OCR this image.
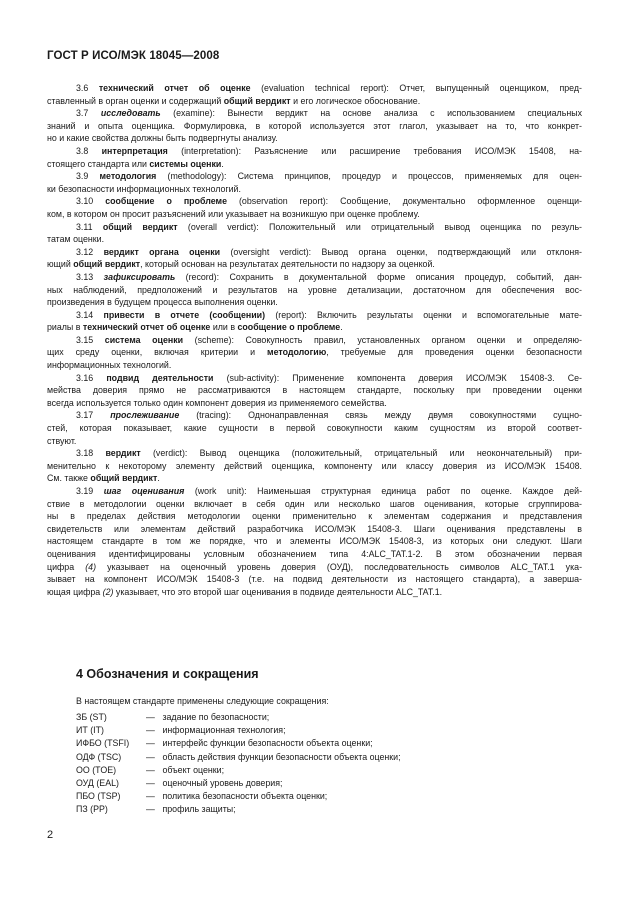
ГОСТ Р ИСО/МЭК 18045—2008
3.6 технический отчет об оценке (evaluation technical report): Отчет, выпущенный оценщиком, пред-
ставленный в орган оценки и содержащий общий вердикт и его логическое обоснование.
3.7 исследовать (examine): Вынести вердикт на основе анализа с использованием специальных
знаний и опыта оценщика. Формулировка, в которой используется этот глагол, указывает на то, что конкрет-
но и какие свойства должны быть подвергнуты анализу.
3.8 интерпретация (interpretation): Разъяснение или расширение требования ИСО/МЭК 15408, на-
стоящего стандарта или системы оценки.
3.9 методология (methodology): Система принципов, процедур и процессов, применяемых для оцен-
ки безопасности информационных технологий.
3.10 сообщение о проблеме (observation report): Сообщение, документально оформленное оценщи-
ком, в котором он просит разъяснений или указывает на возникшую при оценке проблему.
3.11 общий вердикт (overall verdict): Положительный или отрицательный вывод оценщика по резуль-
татам оценки.
3.12 вердикт органа оценки (oversight verdict): Вывод органа оценки, подтверждающий или отклоня-
ющий общий вердикт, который основан на результатах деятельности по надзору за оценкой.
3.13 зафиксировать (record): Сохранить в документальной форме описания процедур, событий, дан-
ных наблюдений, предположений и результатов на уровне детализации, достаточном для обеспечения вос-
произведения в будущем процесса выполнения оценки.
3.14 привести в отчете (сообщении) (report): Включить результаты оценки и вспомогательные мате-
риалы в технический отчет об оценке или в сообщение о проблеме.
3.15 система оценки (scheme): Совокупность правил, установленных органом оценки и определяю-
щих среду оценки, включая критерии и методологию, требуемые для проведения оценки безопасности
информационных технологий.
3.16 подвид деятельности (sub-activity): Применение компонента доверия ИСО/МЭК 15408-3. Се-
мейства доверия прямо не рассматриваются в настоящем стандарте, поскольку при проведении оценки
всегда используется только один компонент доверия из применяемого семейства.
3.17 прослеживание (tracing): Однонаправленная связь между двумя совокупностями сущно-
стей, которая показывает, какие сущности в первой совокупности каким сущностям из второй соответ-
ствуют.
3.18 вердикт (verdict): Вывод оценщика (положительный, отрицательный или неокончательный) при-
менительно к некоторому элементу действий оценщика, компоненту или классу доверия из ИСО/МЭК 15408.
См. также общий вердикт.
3.19 шаг оценивания (work unit): Наименьшая структурная единица работ по оценке. Каждое дей-
ствие в методологии оценки включает в себя один или несколько шагов оценивания, которые сгруппирова-
ны в пределах действия методологии оценки применительно к элементам содержания и представления
свидетельств или элементам действий разработчика ИСО/МЭК 15408-3. Шаги оценивания представлены в
настоящем стандарте в том же порядке, что и элементы ИСО/МЭК 15408-3, из которых они следуют. Шаги
оценивания идентифицированы условным обозначением типа 4:ALC_TAT.1-2. В этом обозначении первая
цифра (4) указывает на оценочный уровень доверия (ОУД), последовательность символов ALC_TAT.1 ука-
зывает на компонент ИСО/МЭК 15408-3 (т.е. на подвид деятельности из настоящего стандарта), а заверша-
ющая цифра (2) указывает, что это второй шаг оценивания в подвиде деятельности ALC_TAT.1.
4 Обозначения и сокращения
В настоящем стандарте применены следующие сокращения:
ЗБ (ST)	— задание по безопасности;
ИТ (IT)	— информационная технология;
ИФБО (TSFI) — интерфейс функции безопасности объекта оценки;
ОДФ (TSC)	— область действия функции безопасности объекта оценки;
ОО (TOE)	— объект оценки;
ОУД (EAL)	— оценочный уровень доверия;
ПБО (TSP)	— политика безопасности объекта оценки;
ПЗ (PP)	— профиль защиты;
2
